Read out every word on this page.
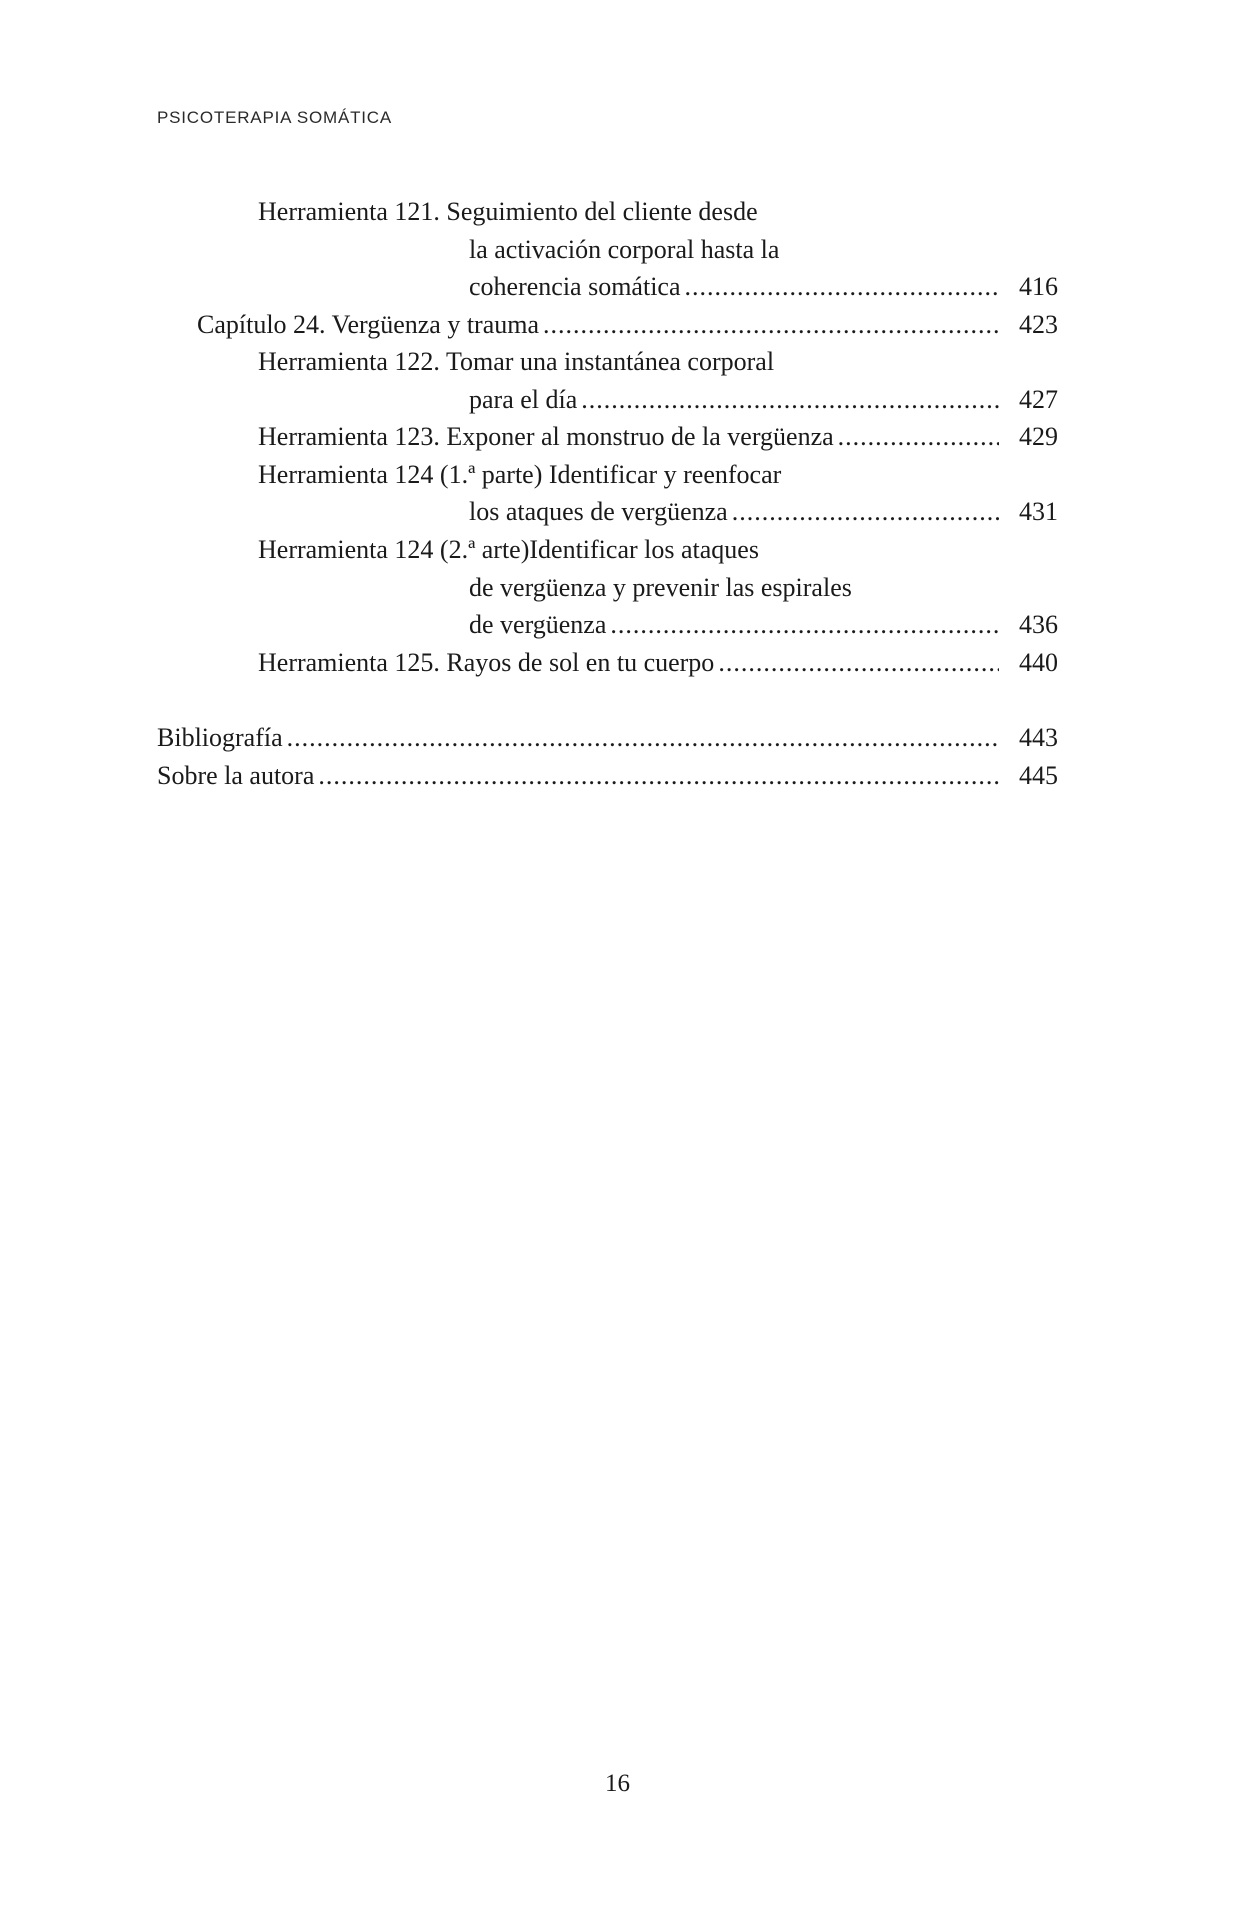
PSICOTERAPIA SOMÁTICA
Herramienta 121. Seguimiento del cliente desde
la activación corporal hasta la
coherencia somática .....	416
Capítulo 24. Vergüenza y trauma .....	423
Herramienta 122. Tomar una instantánea corporal
para el día .....	427
Herramienta 123. Exponer al monstruo de la vergüenza .....	429
Herramienta 124 (1.ª parte) Identificar y reenfocar
los ataques de vergüenza .....	431
Herramienta 124 (2.ª arte)Identificar los ataques
de vergüenza y prevenir las espirales
de vergüenza .....	436
Herramienta 125. Rayos de sol en tu cuerpo .....	440
Bibliografía .....	443
Sobre la autora .....	445
16
